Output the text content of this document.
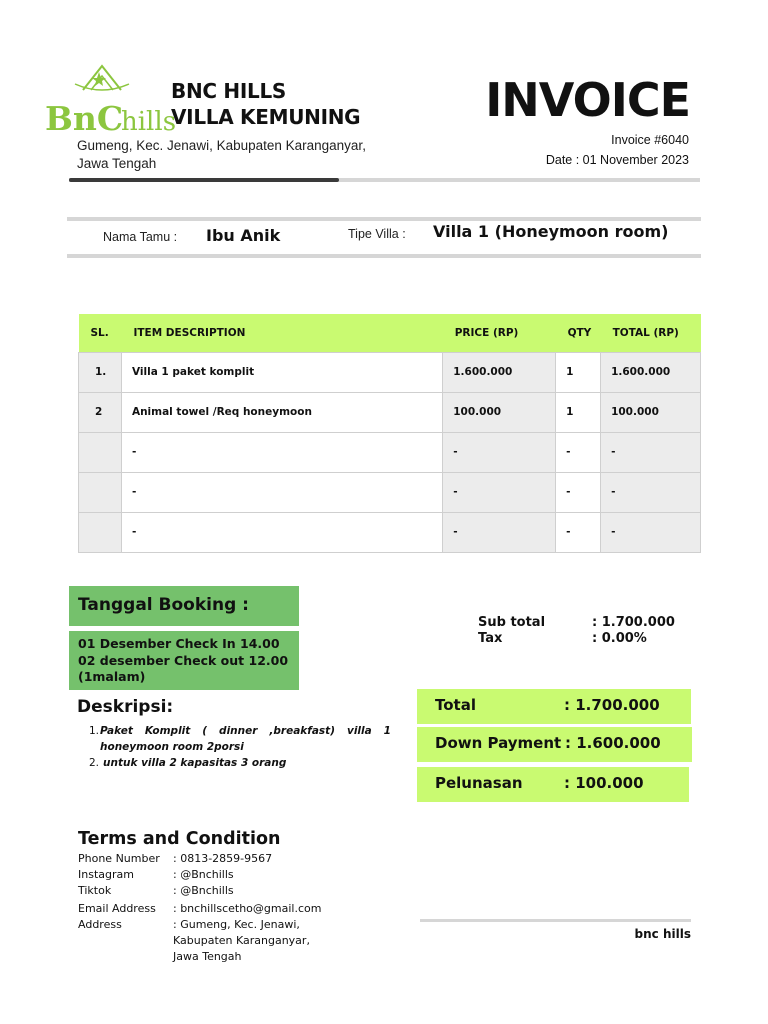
BnC
hills
BNC HILLS
VILLA KEMUNING
Gumeng, Kec. Jenawi, Kabupaten Karanganyar,
Jawa Tengah
INVOICE
Invoice #6040
Date : 01 November 2023
Nama Tamu : Ibu Anik	Tipe Villa : Villa 1 (Honeymoon room)
SL.	ITEM DESCRIPTION	PRICE (RP)	QTY	TOTAL (RP)
1.	Villa 1 paket komplit	1.600.000	1	1.600.000
2	Animal towel /Req honeymoon	100.000	1	100.000
	-	-	-	-
	-	-	-	-
	-	-	-	-
Tanggal Booking :
01 Desember Check In 14.00
02 desember Check out 12.00
(1malam)
Sub total	: 1.700.000
Tax	: 0.00%
Total	: 1.700.000
Down Payment : 1.600.000
Pelunasan	: 100.000
Deskripsi:
1. Paket Komplit ( dinner ,breakfast) villa 1 honeymoon room 2porsi
2. untuk villa 2 kapasitas 3 orang
Terms and Condition
Phone Number	: 0813-2859-9567
Instagram	: @Bnchills
Tiktok	: @Bnchills
Email Address	: bnchillscetho@gmail.com
Address	: Gumeng, Kec. Jenawi,
Kabupaten Karanganyar,
Jawa Tengah
bnc hills
